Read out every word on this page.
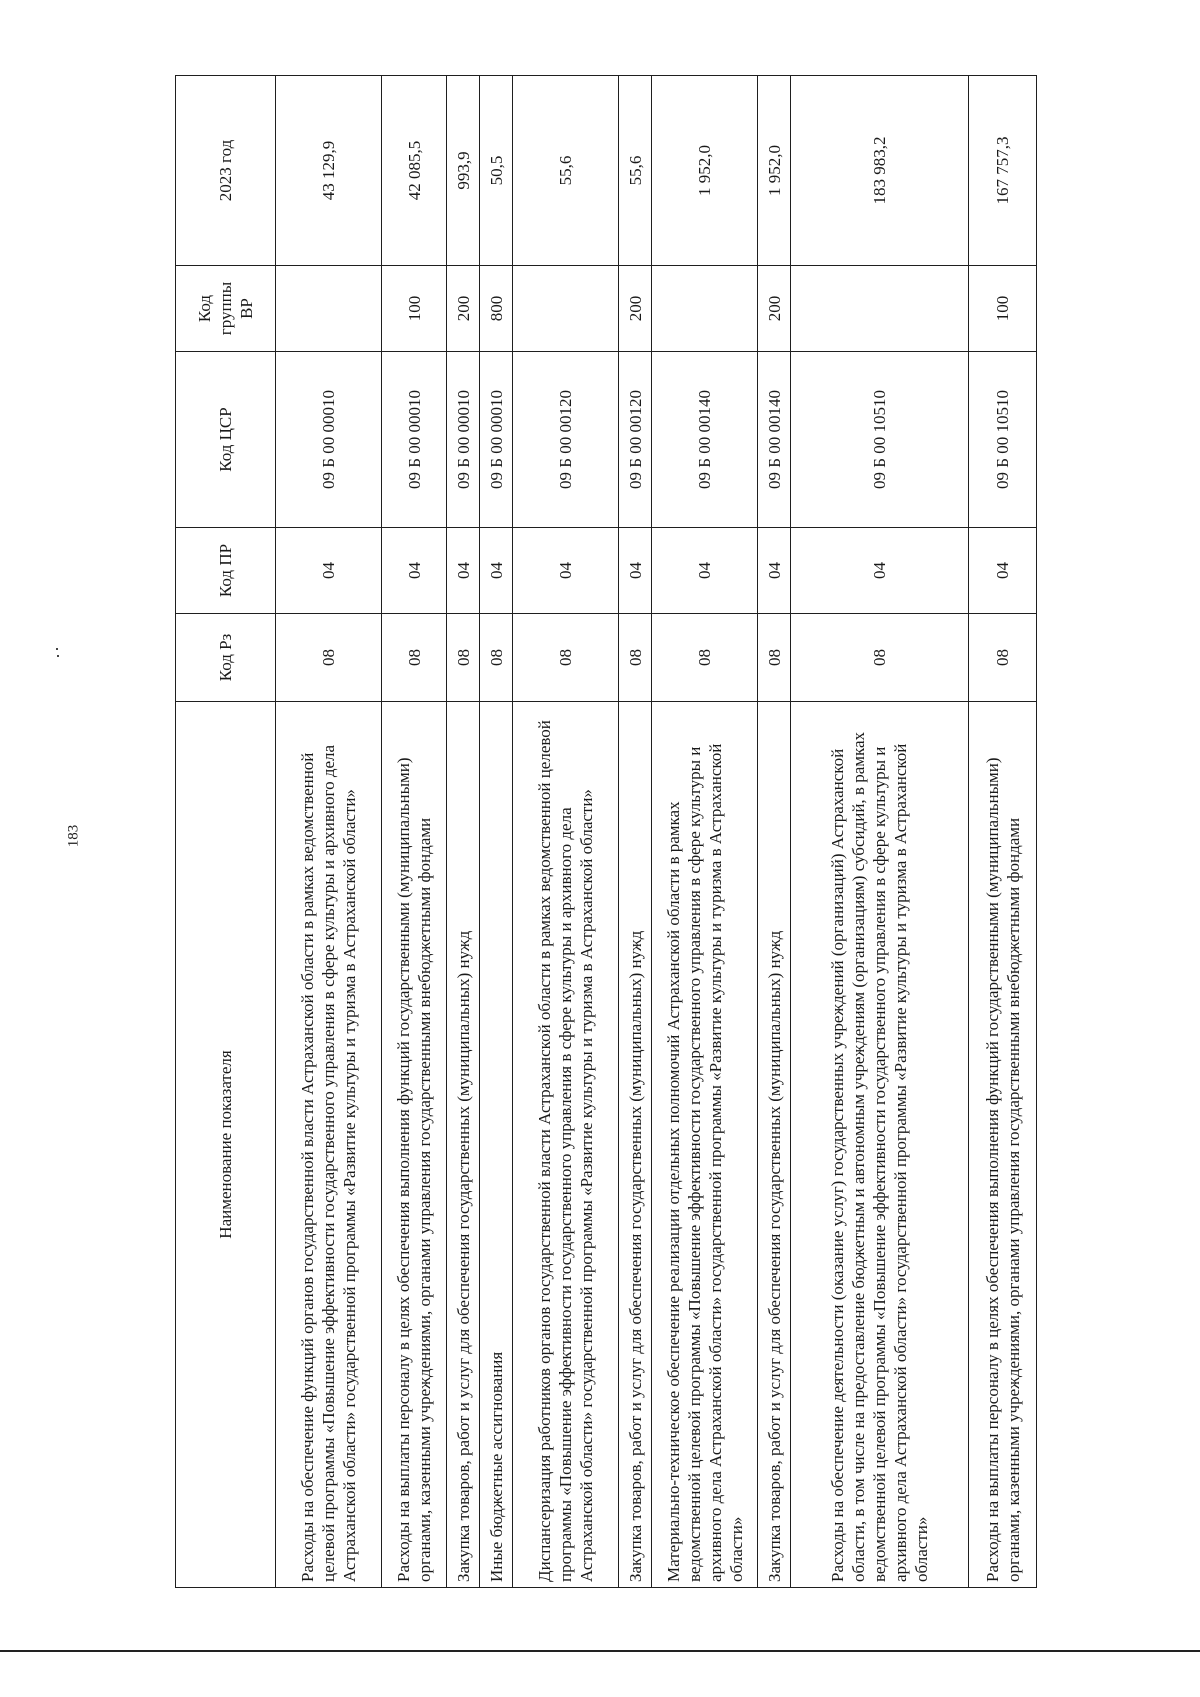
183
Наименование показателя	Код Рз	Код ПР	Код ЦСР	Код группы ВР	2023 год
Расходы на обеспечение функций органов государственной власти Астраханской области в рамках ведомственной целевой программы «Повышение эффективности государственного управления в сфере культуры и архивного дела Астраханской области» государственной программы «Развитие культуры и туризма в Астраханской области»	08	04	09 Б 00 00010		43 129,9
Расходы на выплаты персоналу в целях обеспечения выполнения функций государственными (муниципальными) органами, казенными учреждениями, органами управления государственными внебюджетными фондами	08	04	09 Б 00 00010	100	42 085,5
Закупка товаров, работ и услуг для обеспечения государственных (муниципальных) нужд	08	04	09 Б 00 00010	200	993,9
Иные бюджетные ассигнования	08	04	09 Б 00 00010	800	50,5
Диспансеризация работников органов государственной власти Астраханской области в рамках ведомственной целевой программы «Повышение эффективности государственного управления в сфере культуры и архивного дела Астраханской области» государственной программы «Развитие культуры и туризма в Астраханской области»	08	04	09 Б 00 00120		55,6
Закупка товаров, работ и услуг для обеспечения государственных (муниципальных) нужд	08	04	09 Б 00 00120	200	55,6
Материально-техническое обеспечение реализации отдельных полномочий Астраханской области в рамках ведомственной целевой программы «Повышение эффективности государственного управления в сфере культуры и архивного дела Астраханской области» государственной программы «Развитие культуры и туризма в Астраханской области»	08	04	09 Б 00 00140		1 952,0
Закупка товаров, работ и услуг для обеспечения государственных (муниципальных) нужд	08	04	09 Б 00 00140	200	1 952,0
Расходы на обеспечение деятельности (оказание услуг) государственных учреждений (организаций) Астраханской области, в том числе на предоставление бюджетным и автономным учреждениям (организациям) субсидий, в рамках ведомственной целевой программы «Повышение эффективности государственного управления в сфере культуры и архивного дела Астраханской области» государственной программы «Развитие культуры и туризма в Астраханской области»	08	04	09 Б 00 10510		183 983,2
Расходы на выплаты персоналу в целях обеспечения выполнения функций государственными (муниципальными) органами, казенными учреждениями, органами управления государственными внебюджетными фондами	08	04	09 Б 00 10510	100	167 757,3
